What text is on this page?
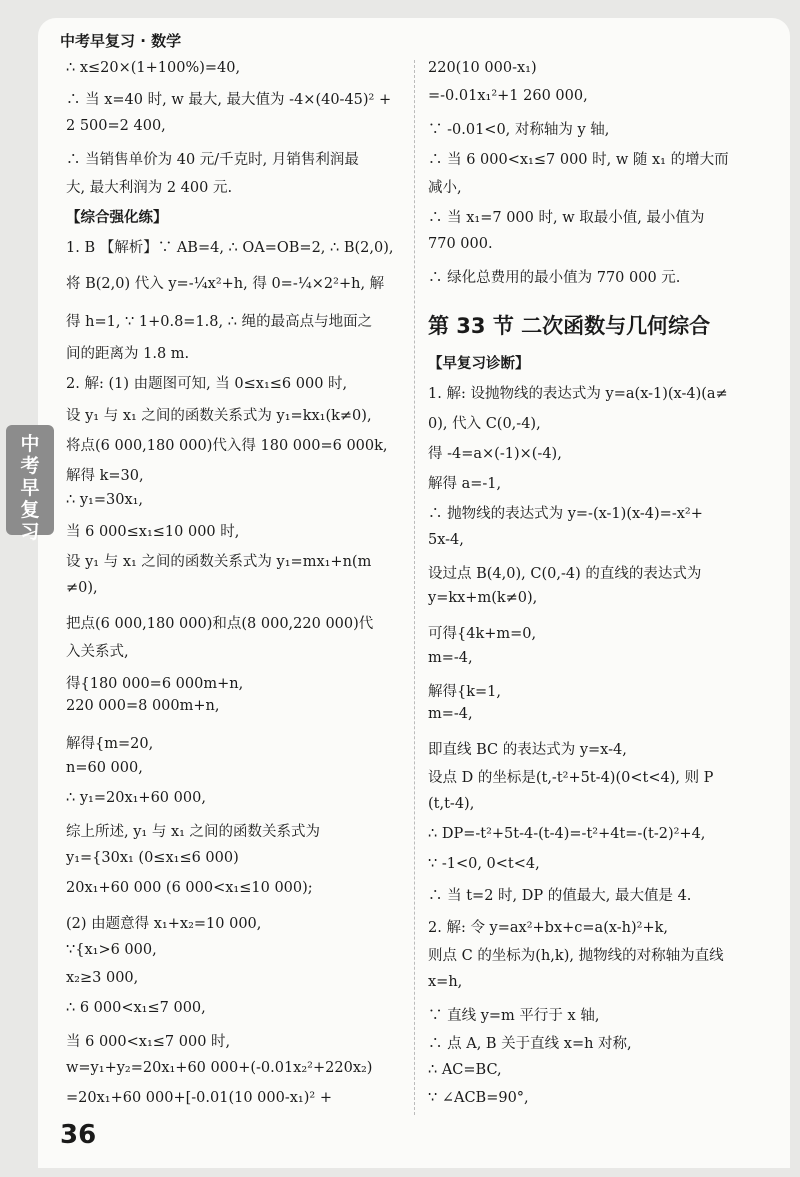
中考早复习 · 数学
中考早复习
∴ x≤20×(1+100%)=40,
∴ 当 x=40 时, w 最大, 最大值为 -4×(40-45)² +
2 500=2 400,
∴ 当销售单价为 40 元/千克时, 月销售利润最
大, 最大利润为 2 400 元.
【综合强化练】
1. B 【解析】∵ AB=4, ∴ OA=OB=2, ∴ B(2,0),
将 B(2,0) 代入 y=-¼x²+h, 得 0=-¼×2²+h, 解
得 h=1, ∵ 1+0.8=1.8, ∴ 绳的最高点与地面之
间的距离为 1.8 m.
2. 解: (1) 由题图可知, 当 0≤x₁≤6 000 时,
设 y₁ 与 x₁ 之间的函数关系式为 y₁=kx₁(k≠0),
将点(6 000,180 000)代入得 180 000=6 000k,
解得 k=30,
∴ y₁=30x₁,
当 6 000≤x₁≤10 000 时,
设 y₁ 与 x₁ 之间的函数关系式为 y₁=mx₁+n(m
≠0),
把点(6 000,180 000)和点(8 000,220 000)代
入关系式,
得{180 000=6 000m+n,
220 000=8 000m+n,
解得{m=20,
n=60 000,
∴ y₁=20x₁+60 000,
综上所述, y₁ 与 x₁ 之间的函数关系式为
y₁={30x₁ (0≤x₁≤6 000)
20x₁+60 000 (6 000<x₁≤10 000);
(2) 由题意得 x₁+x₂=10 000,
∵{x₁>6 000,
x₂≥3 000,
∴ 6 000<x₁≤7 000,
当 6 000<x₁≤7 000 时,
w=y₁+y₂=20x₁+60 000+(-0.01x₂²+220x₂)
=20x₁+60 000+[-0.01(10 000-x₁)² +
220(10 000-x₁)
=-0.01x₁²+1 260 000,
∵ -0.01<0, 对称轴为 y 轴,
∴ 当 6 000<x₁≤7 000 时, w 随 x₁ 的增大而
减小,
∴ 当 x₁=7 000 时, w 取最小值, 最小值为
770 000.
∴ 绿化总费用的最小值为 770 000 元.
第 33 节 二次函数与几何综合
【早复习诊断】
1. 解: 设抛物线的表达式为 y=a(x-1)(x-4)(a≠
0), 代入 C(0,-4),
得 -4=a×(-1)×(-4),
解得 a=-1,
∴ 抛物线的表达式为 y=-(x-1)(x-4)=-x²+
5x-4,
设过点 B(4,0), C(0,-4) 的直线的表达式为
y=kx+m(k≠0),
可得{4k+m=0,
m=-4,
解得{k=1,
m=-4,
即直线 BC 的表达式为 y=x-4,
设点 D 的坐标是(t,-t²+5t-4)(0<t<4), 则 P
(t,t-4),
∴ DP=-t²+5t-4-(t-4)=-t²+4t=-(t-2)²+4,
∵ -1<0, 0<t<4,
∴ 当 t=2 时, DP 的值最大, 最大值是 4.
2. 解: 令 y=ax²+bx+c=a(x-h)²+k,
则点 C 的坐标为(h,k), 抛物线的对称轴为直线
x=h,
∵ 直线 y=m 平行于 x 轴,
∴ 点 A, B 关于直线 x=h 对称,
∴ AC=BC,
∵ ∠ACB=90°,
36
